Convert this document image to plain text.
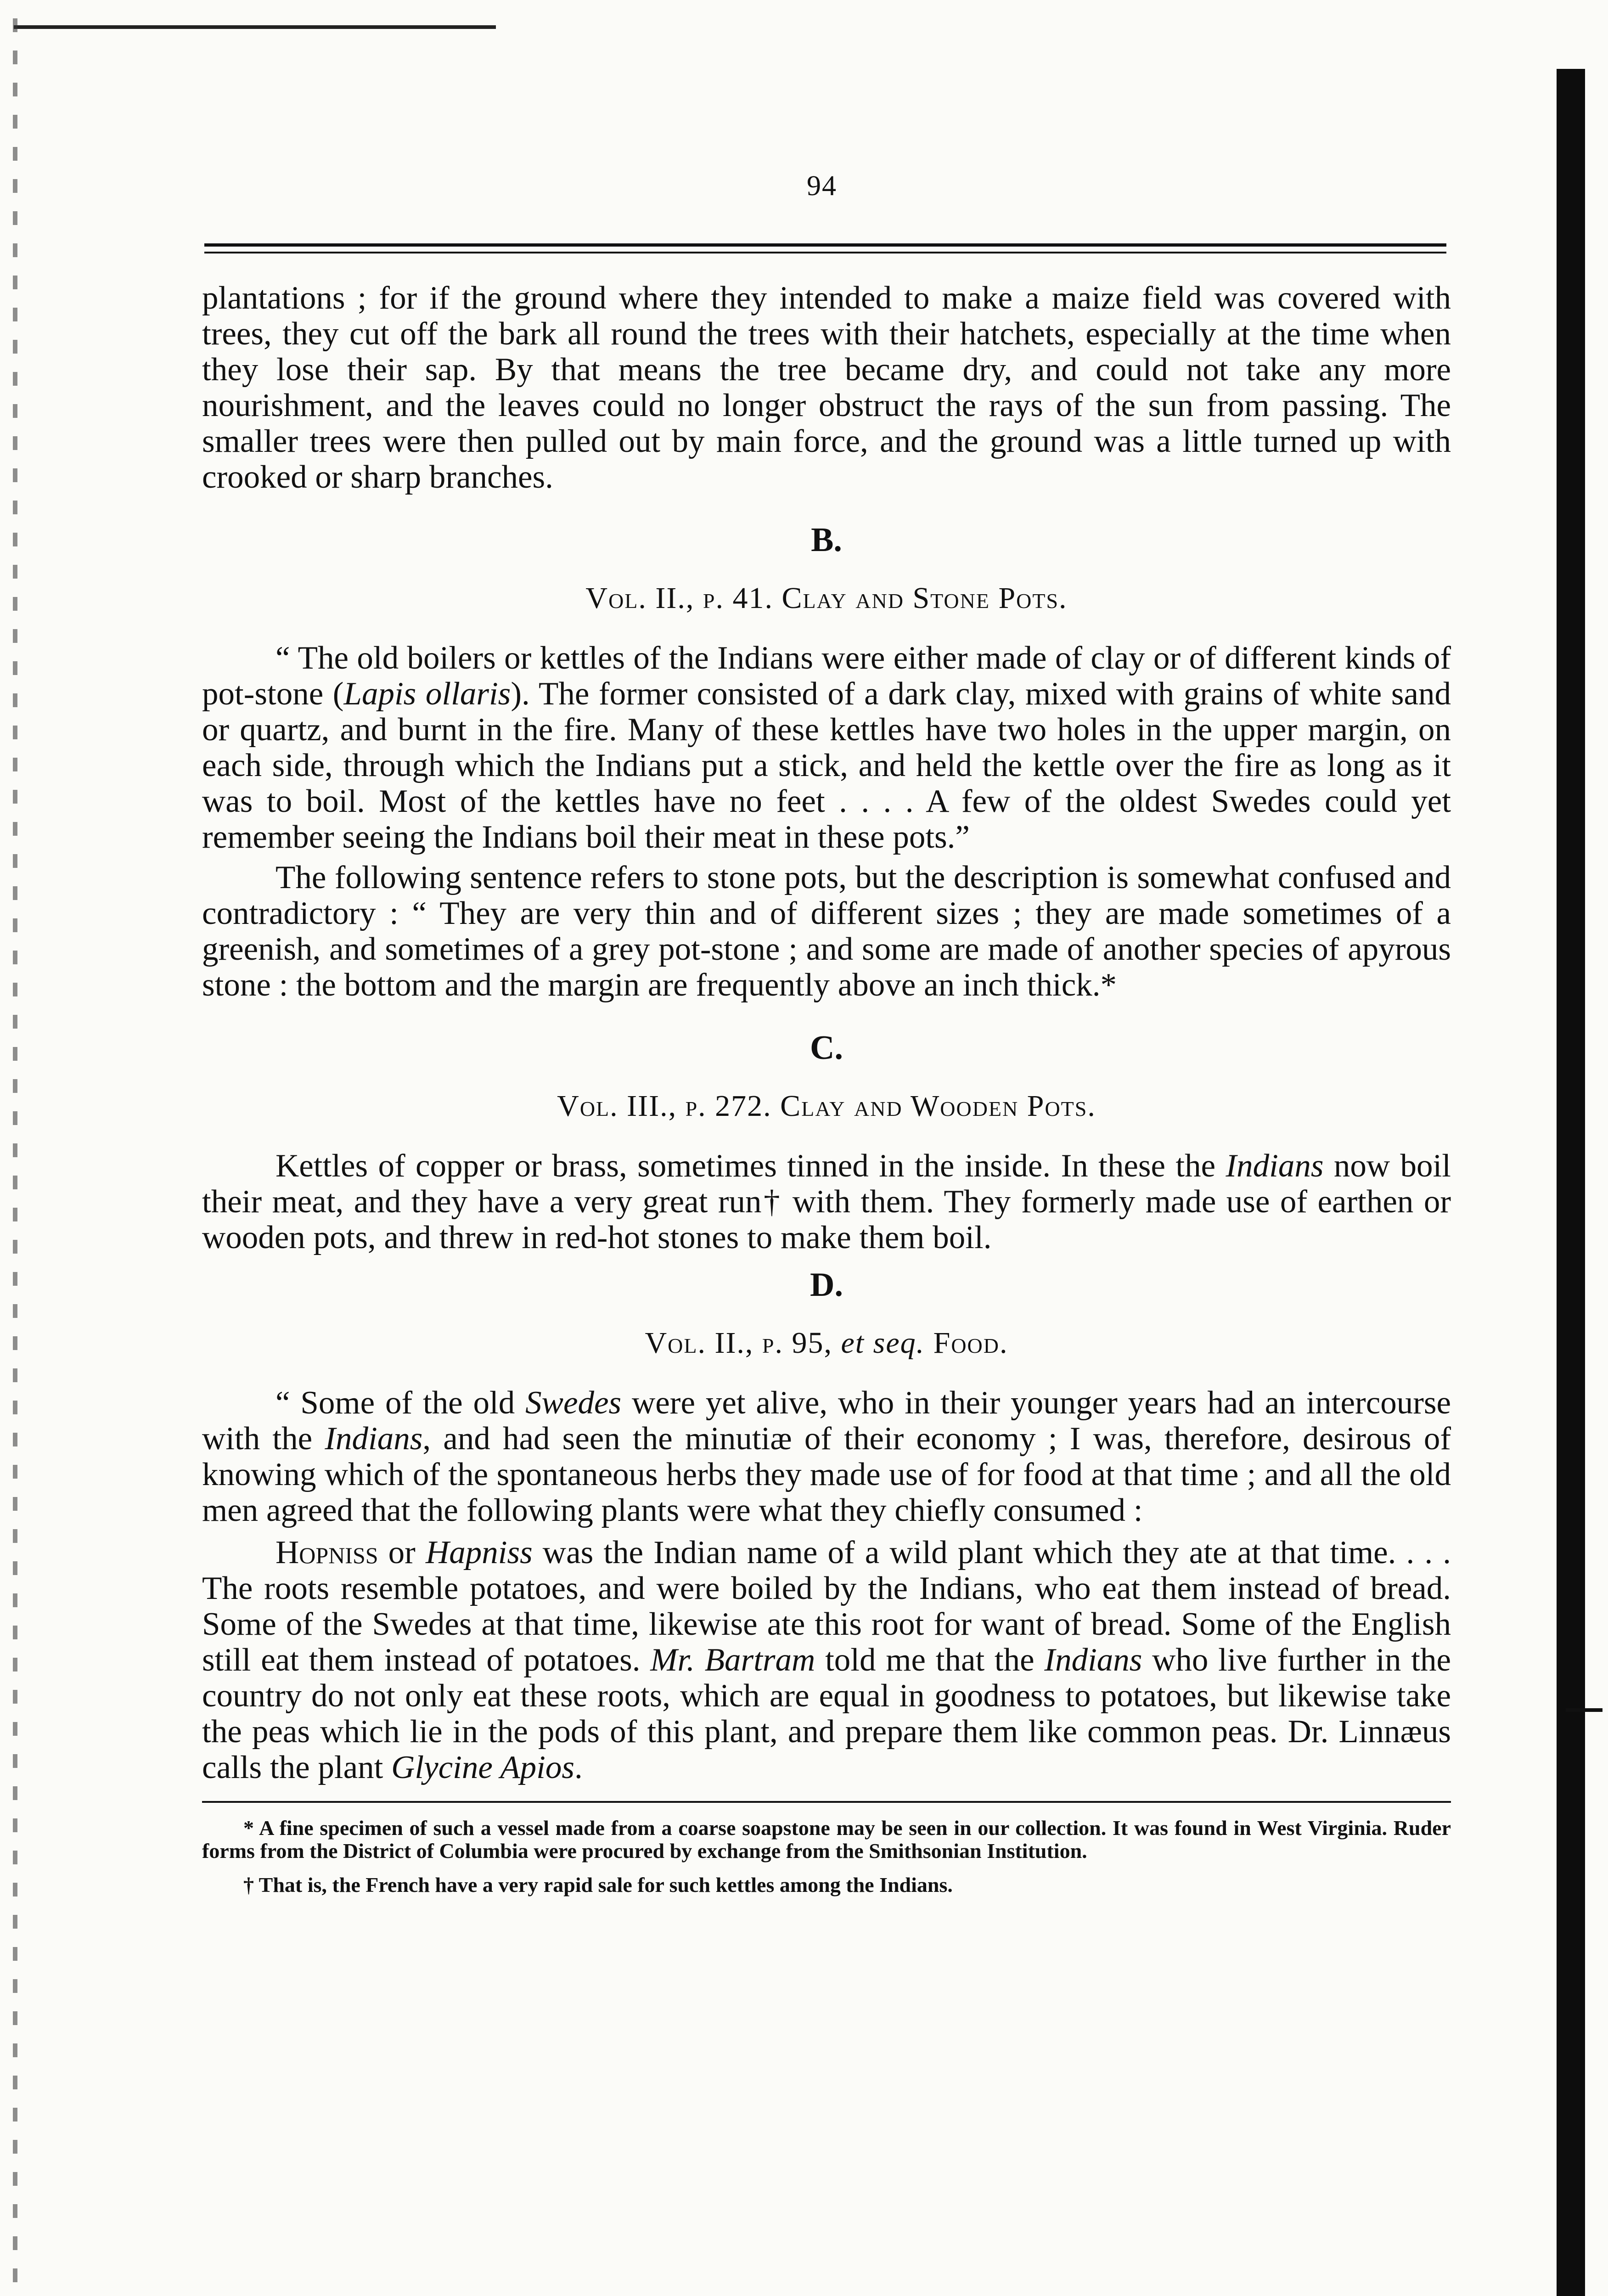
94

plantations ; for if the ground where they intended to make a maize field was covered with trees, they cut off the bark all round the trees with their hatchets, especially at the time when they lose their sap. By that means the tree became dry, and could not take any more nourishment, and the leaves could no longer obstruct the rays of the sun from passing. The smaller trees were then pulled out by main force, and the ground was a little turned up with crooked or sharp branches.

B.
Vol. II., p. 41. Clay and Stone Pots.

“ The old boilers or kettles of the Indians were either made of clay or of different kinds of pot-stone (Lapis ollaris). The former consisted of a dark clay, mixed with grains of white sand or quartz, and burnt in the fire. Many of these kettles have two holes in the upper margin, on each side, through which the Indians put a stick, and held the kettle over the fire as long as it was to boil. Most of the kettles have no feet . . . . A few of the oldest Swedes could yet remember seeing the Indians boil their meat in these pots.”

The following sentence refers to stone pots, but the description is somewhat confused and contradictory : “ They are very thin and of different sizes ; they are made sometimes of a greenish, and sometimes of a grey pot-stone ; and some are made of another species of apyrous stone : the bottom and the margin are frequently above an inch thick.*

C.
Vol. III., p. 272. Clay and Wooden Pots.

Kettles of copper or brass, sometimes tinned in the inside. In these the Indians now boil their meat, and they have a very great run† with them. They formerly made use of earthen or wooden pots, and threw in red-hot stones to make them boil.

D.
Vol. II., p. 95, et seq. Food.

“ Some of the old Swedes were yet alive, who in their younger years had an intercourse with the Indians, and had seen the minutiæ of their economy ; I was, therefore, desirous of knowing which of the spontaneous herbs they made use of for food at that time ; and all the old men agreed that the following plants were what they chiefly consumed :

Hopniss or Hapniss was the Indian name of a wild plant which they ate at that time. . . . The roots resemble potatoes, and were boiled by the Indians, who eat them instead of bread. Some of the Swedes at that time, likewise ate this root for want of bread. Some of the English still eat them instead of potatoes. Mr. Bartram told me that the Indians who live further in the country do not only eat these roots, which are equal in goodness to potatoes, but likewise take the peas which lie in the pods of this plant, and prepare them like common peas. Dr. Linnæus calls the plant Glycine Apios.

* A fine specimen of such a vessel made from a coarse soapstone may be seen in our collection. It was found in West Virginia. Ruder forms from the District of Columbia were procured by exchange from the Smithsonian Institution.

† That is, the French have a very rapid sale for such kettles among the Indians.
